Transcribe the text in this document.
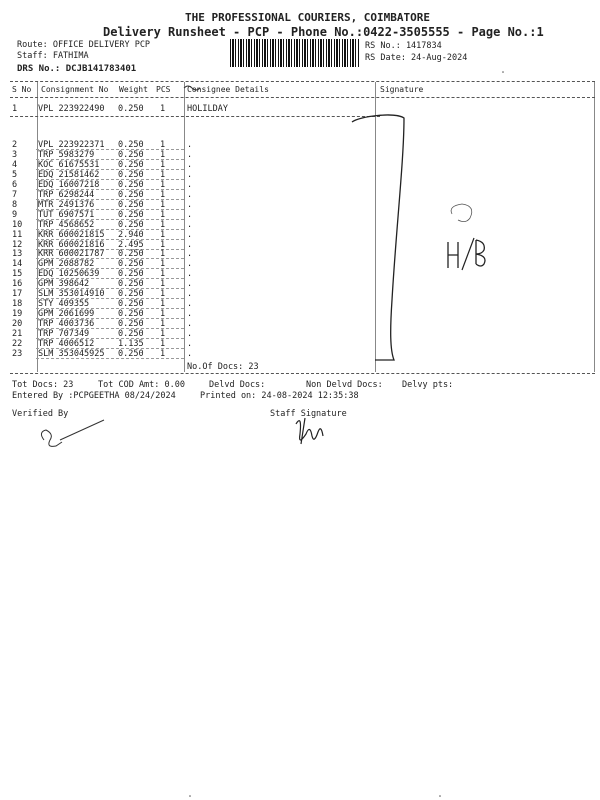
THE PROFESSIONAL COURIERS, COIMBATORE
Delivery Runsheet - PCP - Phone No.:0422-3505555 - Page No.:1
Route: OFFICE DELIVERY PCP
Staff: FATHIMA
DRS No.: DCJB141783401
RS No.: 1417834
RS Date: 24-Aug-2024
S No Consignment No Weight PCS Consignee Details	Signature
1 VPL 223922490 0.250 1	HOLILDAY
2 VPL 223922371 0.250 1	.
3 TRP 5983279	0.250 1	.
4 KOC 61675531 0.250 1	.
5 EDQ 21581462 0.250 1	.
6 EDQ 16007218 0.250 1	.
7 TRP 6298244	0.250 1	.
8 MTR 2491376	0.250 1	.
9 TUT 6907571	0.250 1	.
10 TRP 4568652	0.250 1	.
11 KRR 600021815 2.940 1	.
12 KRR 600021816 2.495 1	.
13 KRR 600021787 0.250 1	.
14 GPM 2088782	0.250 1	.
15 EDQ 10250639 0.250 1	.
16 GPM 398642	0.250 1	.
17 SLM 353014910 0.250 1	.
18 STY 409355	0.250 1	.
19 GPM 2061699	0.250 1	.
20 TRP 4003736	0.250 1	.
21 TRP 707349	0.250 1	.
22 TRP 4006512	1.135 1	.
23 SLM 353045925 0.250 1	.
No.Of Docs: 23
Tot Docs: 23	Tot COD Amt: 0.00	Delvd Docs:	Non Delvd Docs: Delvy pts:
Entered By :PCPGEETHA 08/24/2024	Printed on: 24-08-2024 12:35:38
Verified By	Staff Signature
